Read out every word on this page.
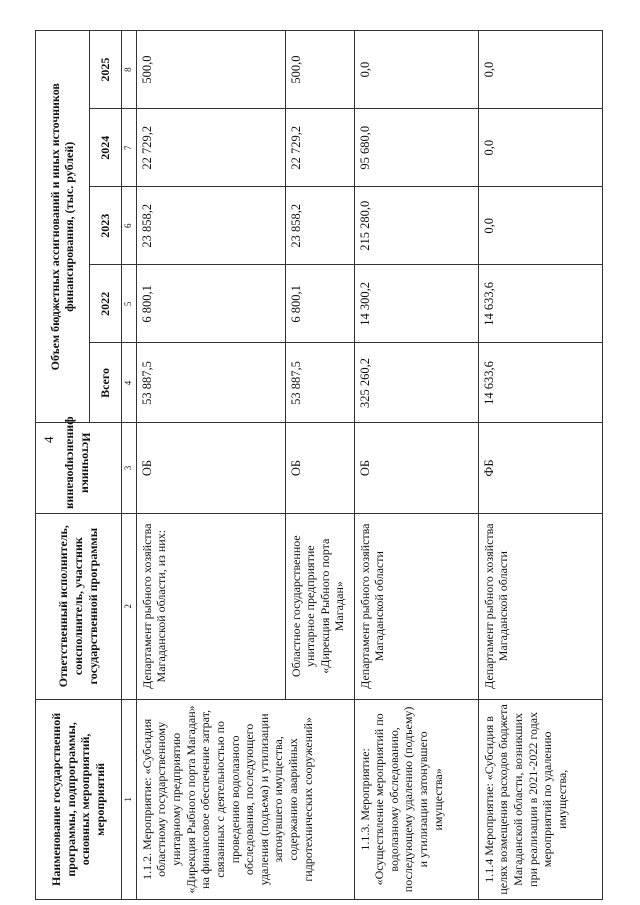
4
Наименование государственной программы, подпрограммы, основных мероприятий, мероприятий	Ответственный исполнитель, соисполнитель, участник государственной программы	Источники финансирования	Объем бюджетных ассигнований и иных источников финансирования, (тыс. рублей)				
			Всего	2022	2023	2024	2025
1	2	3	4	5	6	7	8
1.1.2. Мероприятие: «Субсидия областному государственному унитарному предприятию «Дирекция Рыбного порта Магадан» на финансовое обеспечение затрат, связанных с деятельностью по проведению водолазного обследования, последующего удаления (подъема) и утилизации затонувшего имущества, содержанию аварийных гидротехнических сооружений»	Департамент рыбного хозяйства Магаданской области, из них:	ОБ	53 887,5	6 800,1	23 858,2	22 729,2	500,0
	Областное государственное унитарное предприятие «Дирекция Рыбного порта Магадан»	ОБ	53 887,5	6 800,1	23 858,2	22 729,2	500,0
1.1.3. Мероприятие: «Осуществление мероприятий по водолазному обследованию, последующему удалению (подъему) и утилизации затонувшего имущества»	Департамент рыбного хозяйства Магаданской области	ОБ	325 260,2	14 300,2	215 280,0	95 680,0	0,0
1.1.4 Мероприятие: «Субсидия в целях возмещения расходов бюджета Магаданской области, возникших при реализации в 2021-2022 годах мероприятий по удалению имущества,	Департамент рыбного хозяйства Магаданской области	ФБ	14 633,6	14 633,6	0,0	0,0	0,0
